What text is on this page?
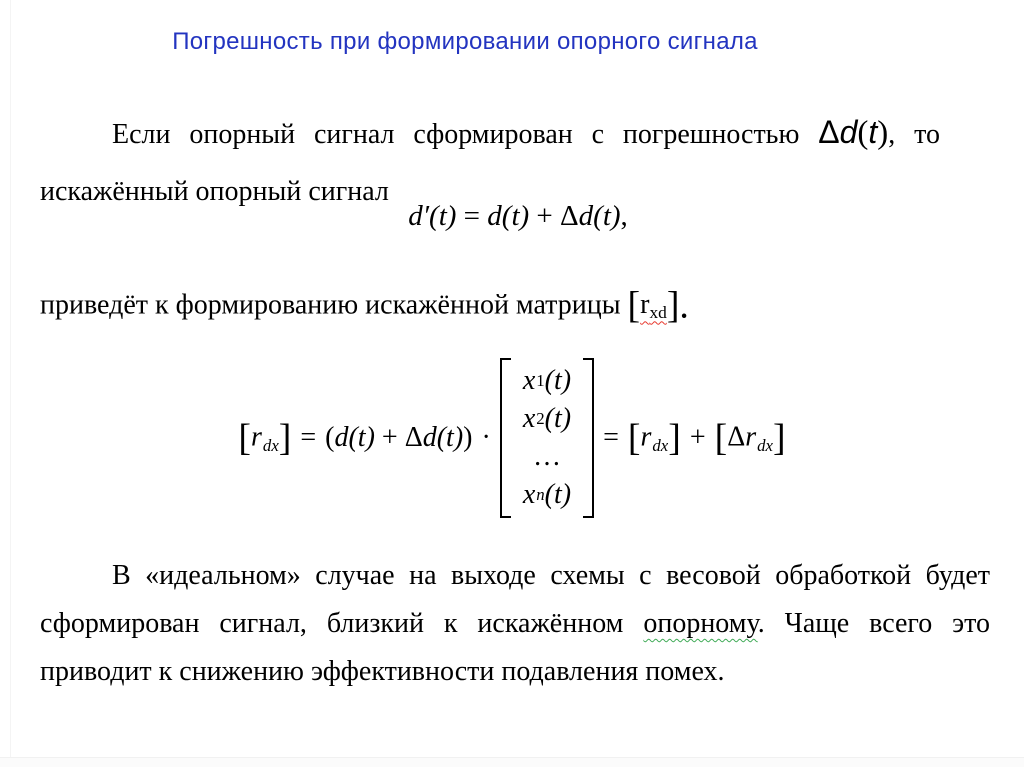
Погрешность при формировании опорного сигнала
Если опорный сигнал сформирован с погрешностью Δd(t), то
искажённый опорный сигнал
d′(t) = d(t) + Δd(t),
приведёт к формированию искажённой матрицы [rxd].
$[r_{dx}] = (d(t) + \Delta d(t))$ ·
x 1 (t)
x 2 (t)
…
x n (t)
= $[r_{dx}] + [\Delta r_{dx}]$
В «идеальном» случае на выходе схемы с весовой обработкой будет
сформирован сигнал, близкий к искажённом опорному. Чаще всего это
приводит к снижению эффективности подавления помех.
